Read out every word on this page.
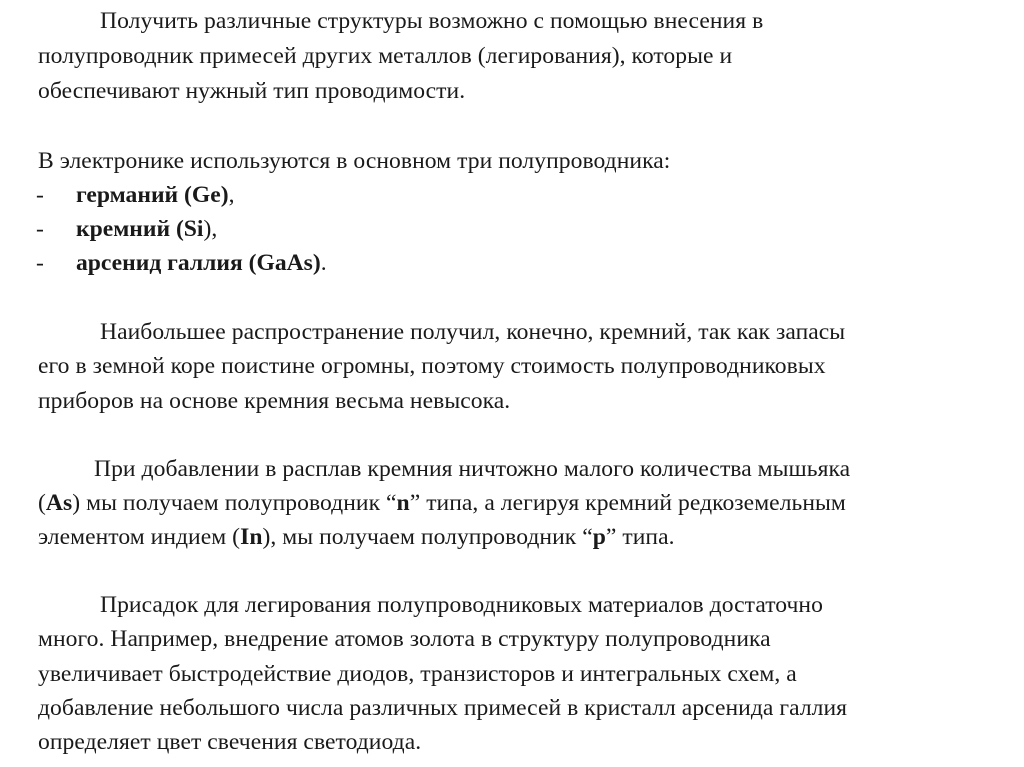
Получить различные структуры возможно с помощью внесения в
полупроводник примесей других металлов (легирования), которые и
обеспечивают нужный тип проводимости.
В электронике используются в основном три полупроводника:
- германий (Ge),
- кремний (Si),
- арсенид галлия (GaAs).
Наибольшее распространение получил, конечно, кремний, так как запасы
его в земной коре поистине огромны, поэтому стоимость полупроводниковых
приборов на основе кремния весьма невысока.
При добавлении в расплав кремния ничтожно малого количества мышьяка
(As) мы получаем полупроводник “n” типа, а легируя кремний редкоземельным
элементом индием (In), мы получаем полупроводник “p” типа.
Присадок для легирования полупроводниковых материалов достаточно
много. Например, внедрение атомов золота в структуру полупроводника
увеличивает быстродействие диодов, транзисторов и интегральных схем, а
добавление небольшого числа различных примесей в кристалл арсенида галлия
определяет цвет свечения светодиода.
